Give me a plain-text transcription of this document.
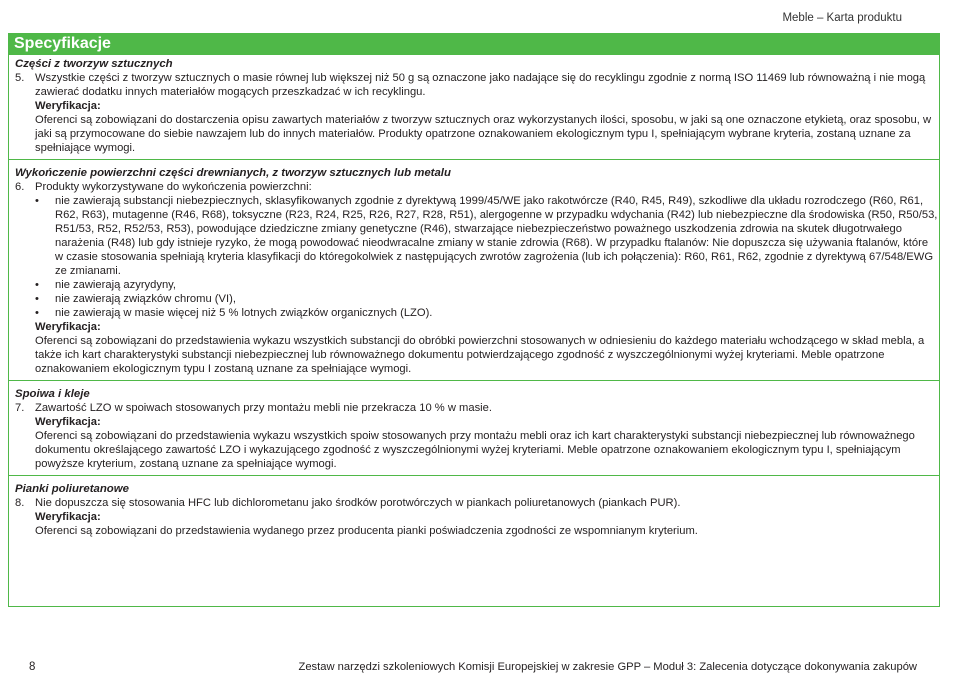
Meble – Karta produktu
Specyfikacje
Części z tworzyw sztucznych
5. Wszystkie części z tworzyw sztucznych o masie równej lub większej niż 50 g są oznaczone jako nadające się do recyklingu zgodnie z normą ISO 11469 lub równoważną i nie mogą zawierać dodatku innych materiałów mogących przeszkadzać w ich recyklingu.
Weryfikacja:
Oferenci są zobowiązani do dostarczenia opisu zawartych materiałów z tworzyw sztucznych oraz wykorzystanych ilości, sposobu, w jaki są one oznaczone etykietą, oraz sposobu, w jaki są przymocowane do siebie nawzajem lub do innych materiałów. Produkty opatrzone oznakowaniem ekologicznym typu I, spełniającym wybrane kryteria, zostaną uznane za spełniające wymogi.
Wykończenie powierzchni części drewnianych, z tworzyw sztucznych lub metalu
6. Produkty wykorzystywane do wykończenia powierzchni:
• nie zawierają substancji niebezpiecznych, sklasyfikowanych zgodnie z dyrektywą 1999/45/WE jako rakotwórcze (R40, R45, R49), szkodliwe dla układu rozrodczego (R60, R61, R62, R63), mutagenne (R46, R68), toksyczne (R23, R24, R25, R26, R27, R28, R51), alergogenne w przypadku wdychania (R42) lub niebezpieczne dla środowiska (R50, R50/53, R51/53, R52, R52/53, R53), powodujące dziedziczne zmiany genetyczne (R46), stwarzające niebezpieczeństwo poważnego uszkodzenia zdrowia na skutek długotrwałego narażenia (R48) lub gdy istnieje ryzyko, że mogą powodować nieodwracalne zmiany w stanie zdrowia (R68). W przypadku ftalanów: Nie dopuszcza się używania ftalanów, które w czasie stosowania spełniają kryteria klasyfikacji do któregokolwiek z następujących zwrotów zagrożenia (lub ich połączenia): R60, R61, R62, zgodnie z dyrektywą 67/548/EWG ze zmianami.
• nie zawierają azyrydyny,
• nie zawierają związków chromu (VI),
• nie zawierają w masie więcej niż 5 % lotnych związków organicznych (LZO).
Weryfikacja:
Oferenci są zobowiązani do przedstawienia wykazu wszystkich substancji do obróbki powierzchni stosowanych w odniesieniu do każdego materiału wchodzącego w skład mebla, a także ich kart charakterystyki substancji niebezpiecznej lub równoważnego dokumentu potwierdzającego zgodność z wyszczególnionymi wyżej kryteriami. Meble opatrzone oznakowaniem ekologicznym typu I zostaną uznane za spełniające wymogi.
Spoiwa i kleje
7. Zawartość LZO w spoiwach stosowanych przy montażu mebli nie przekracza 10 % w masie.
Weryfikacja:
Oferenci są zobowiązani do przedstawienia wykazu wszystkich spoiw stosowanych przy montażu mebli oraz ich kart charakterystyki substancji niebezpiecznej lub równoważnego dokumentu określającego zawartość LZO i wykazującego zgodność z wyszczególnionymi wyżej kryteriami. Meble opatrzone oznakowaniem ekologicznym typu I, spełniającym powyższe kryterium, zostaną uznane za spełniające wymogi.
Pianki poliuretanowe
8. Nie dopuszcza się stosowania HFC lub dichlorometanu jako środków porotwórczych w piankach poliuretanowych (piankach PUR).
Weryfikacja:
Oferenci są zobowiązani do przedstawienia wydanego przez producenta pianki poświadczenia zgodności ze wspomnianym kryterium.
8	Zestaw narzędzi szkoleniowych Komisji Europejskiej w zakresie GPP – Moduł 3: Zalecenia dotyczące dokonywania zakupów
